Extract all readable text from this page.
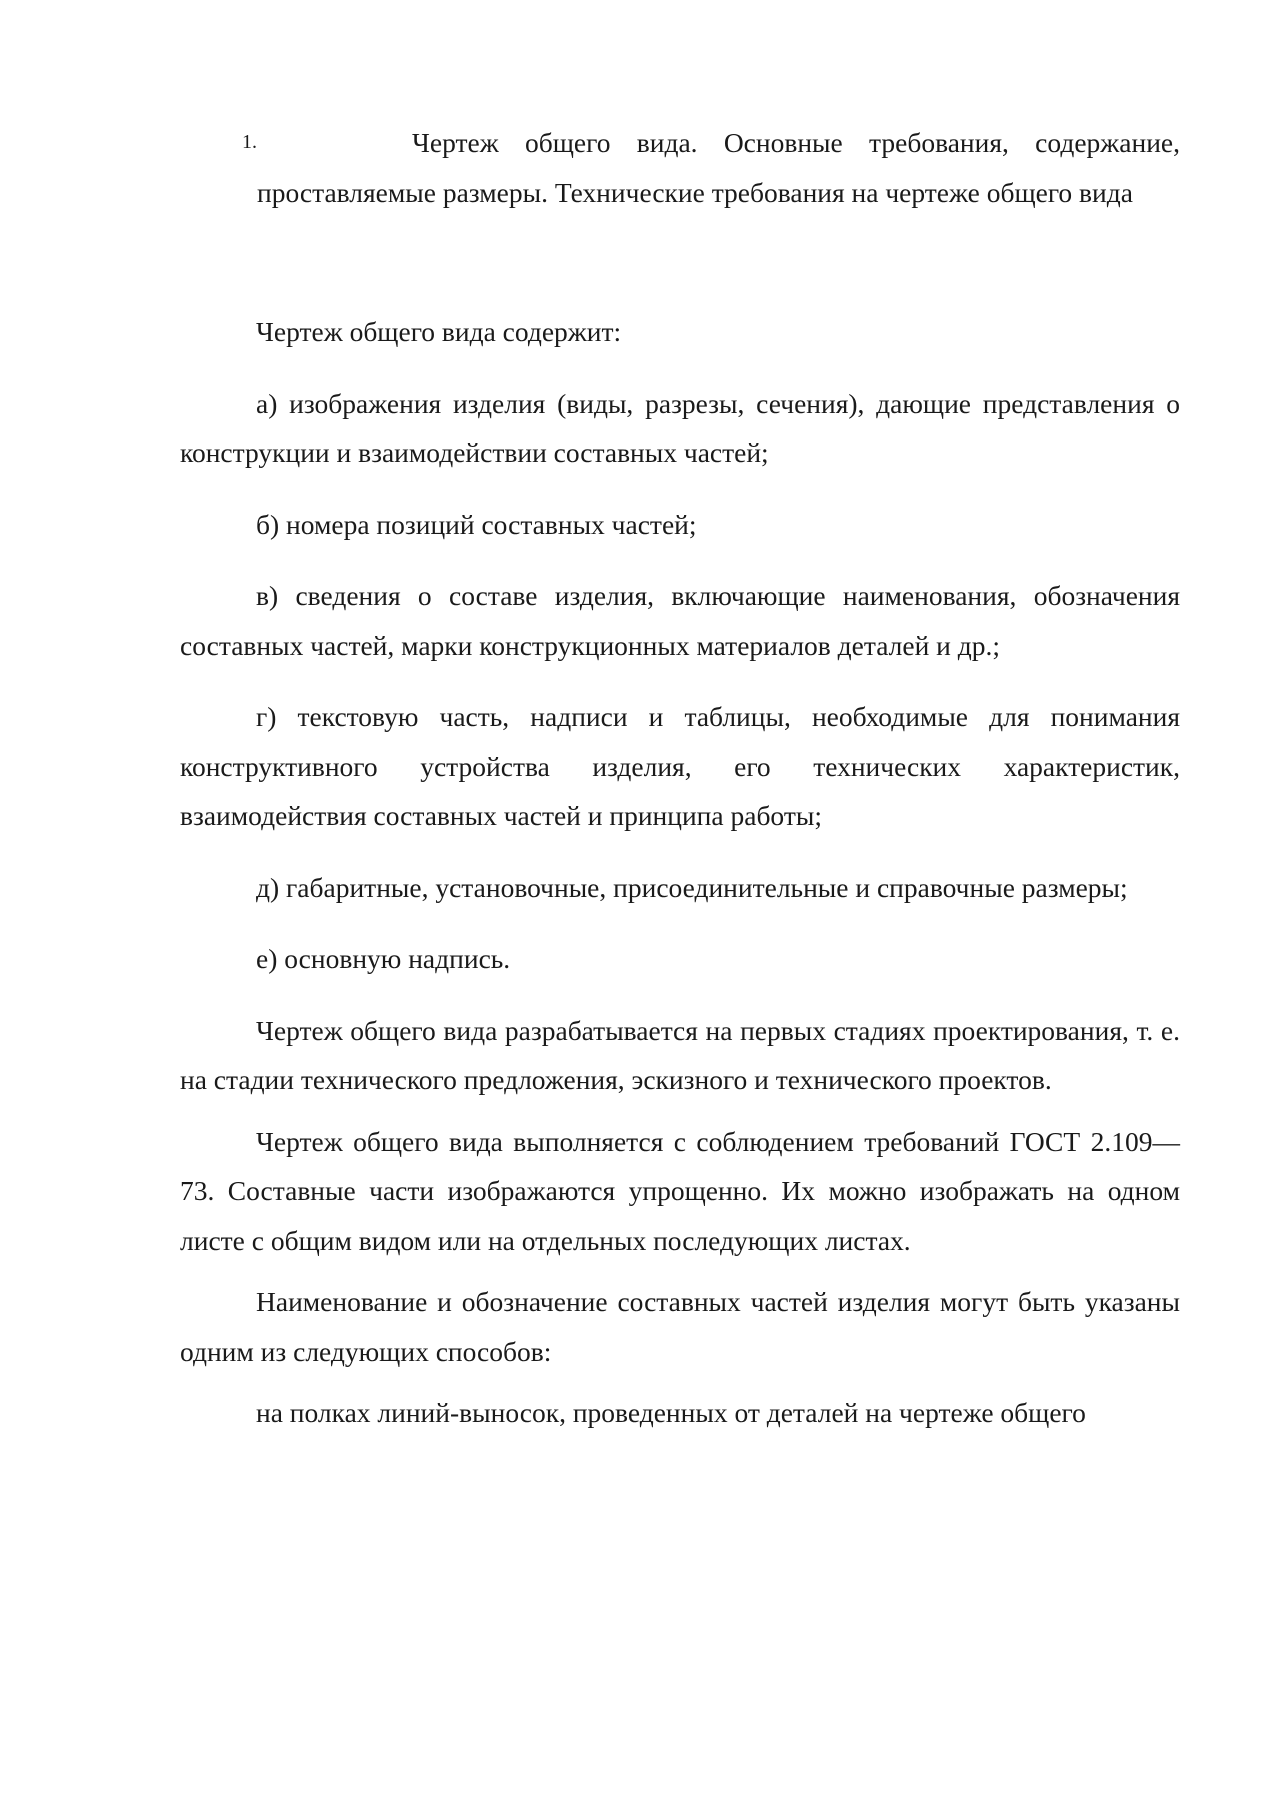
1.	Чертеж общего вида. Основные требования, содержание, проставляемые размеры. Технические требования на чертеже общего вида

Чертеж общего вида содержит:

а) изображения изделия (виды, разрезы, сечения), дающие представления о конструкции и взаимодействии составных частей;

б) номера позиций составных частей;

в) сведения о составе изделия, включающие наименования, обозначения составных частей, марки конструкционных материалов деталей и др.;

г) текстовую часть, надписи и таблицы, необходимые для понимания конструктивного устройства изделия, его технических характеристик, взаимодействия составных частей и принципа работы;

д) габаритные, установочные, присоединительные и справочные размеры;

е) основную надпись.

Чертеж общего вида разрабатывается на первых стадиях проектирования, т. е. на стадии технического предложения, эскизного и технического проектов.

Чертеж общего вида выполняется с соблюдением требований ГОСТ 2.109—73. Составные части изображаются упрощенно. Их можно изображать на одном листе с общим видом или на отдельных последующих листах.

Наименование и обозначение составных частей изделия могут быть указаны одним из следующих способов:

на полках линий-выносок, проведенных от деталей на чертеже общего
